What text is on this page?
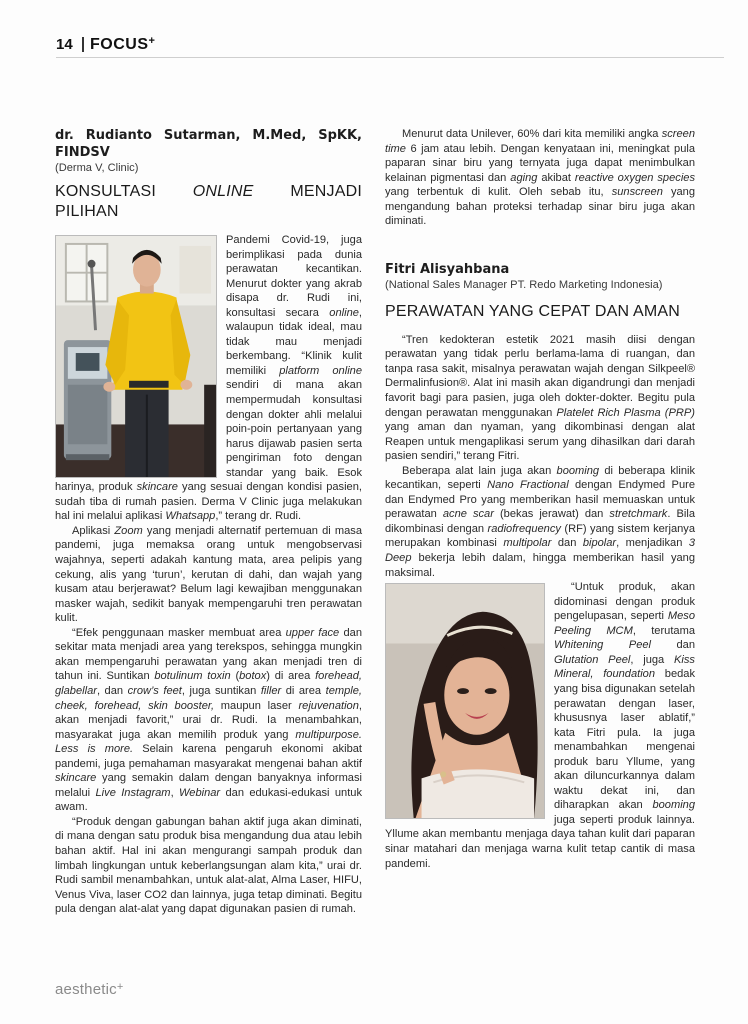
14 FOCUS+
dr. Rudianto Sutarman, M.Med, SpKK, FINDSV
(Derma V, Clinic)
KONSULTASI ONLINE MENJADI PILIHAN

Pandemi Covid-19, juga berimplikasi pada dunia perawatan kecantikan. Menurut dokter yang akrab disapa dr. Rudi ini, konsultasi secara online, walaupun tidak ideal, mau tidak mau menjadi berkembang. “Klinik kulit memiliki platform online sendiri di mana akan mempermudah konsultasi dengan dokter ahli melalui poin-poin pertanyaan yang harus dijawab pasien serta pengiriman foto dengan standar yang baik. Esok harinya, produk skincare yang sesuai dengan kondisi pasien, sudah tiba di rumah pasien. Derma V Clinic juga melakukan hal ini melalui aplikasi Whatsapp,” terang dr. Rudi.

Aplikasi Zoom yang menjadi alternatif pertemuan di masa pandemi, juga memaksa orang untuk mengobservasi wajahnya, seperti adakah kantung mata, area pelipis yang cekung, alis yang ‘turun’, kerutan di dahi, dan wajah yang kusam atau berjerawat? Belum lagi kewajiban menggunakan masker wajah, sedikit banyak mempengaruhi tren perawatan kulit.

“Efek penggunaan masker membuat area upper face dan sekitar mata menjadi area yang terekspos, sehingga mungkin akan mempengaruhi perawatan yang akan menjadi tren di tahun ini. Suntikan botulinum toxin (botox) di area forehead, glabellar, dan crow’s feet, juga suntikan filler di area temple, cheek, forehead, skin booster, maupun laser rejuvenation, akan menjadi favorit,” urai dr. Rudi. Ia menambahkan, masyarakat juga akan memilih produk yang multipurpose. Less is more. Selain karena pengaruh ekonomi akibat pandemi, juga pemahaman masyarakat mengenai bahan aktif skincare yang semakin dalam dengan banyaknya informasi melalui Live Instagram, Webinar dan edukasi-edukasi untuk awam.

“Produk dengan gabungan bahan aktif juga akan diminati, di mana dengan satu produk bisa mengandung dua atau lebih bahan aktif. Hal ini akan mengurangi sampah produk dan limbah lingkungan untuk keberlangsungan alam kita,” urai dr. Rudi sambil menambahkan, untuk alat-alat, Alma Laser, HIFU, Venus Viva, laser CO2 dan lainnya, juga tetap diminati. Begitu pula dengan alat-alat yang dapat digunakan pasien di rumah.

Menurut data Unilever, 60% dari kita memiliki angka screen time 6 jam atau lebih. Dengan kenyataan ini, meningkat pula paparan sinar biru yang ternyata juga dapat menimbulkan kelainan pigmentasi dan aging akibat reactive oxygen species yang terbentuk di kulit. Oleh sebab itu, sunscreen yang mengandung bahan proteksi terhadap sinar biru juga akan diminati.

Fitri Alisyahbana
(National Sales Manager PT. Redo Marketing Indonesia)
PERAWATAN YANG CEPAT DAN AMAN

“Tren kedokteran estetik 2021 masih diisi dengan perawatan yang tidak perlu berlama-lama di ruangan, dan tanpa rasa sakit, misalnya perawatan wajah dengan Silkpeel® Dermalinfusion®. Alat ini masih akan digandrungi dan menjadi favorit bagi para pasien, juga oleh dokter-dokter. Begitu pula dengan perawatan menggunakan Platelet Rich Plasma (PRP) yang aman dan nyaman, yang dikombinasi dengan alat Reapen untuk mengaplikasi serum yang dihasilkan dari darah pasien sendiri,” terang Fitri.

Beberapa alat lain juga akan booming di beberapa klinik kecantikan, seperti Nano Fractional dengan Endymed Pure dan Endymed Pro yang memberikan hasil memuaskan untuk perawatan acne scar (bekas jerawat) dan stretchmark. Bila dikombinasi dengan radiofrequency (RF) yang sistem kerjanya merupakan kombinasi multipolar dan bipolar, menjadikan 3 Deep bekerja lebih dalam, hingga memberikan hasil yang maksimal.

“Untuk produk, akan didominasi dengan produk pengelupasan, seperti Meso Peeling MCM, terutama Whitening Peel dan Glutation Peel, juga Kiss Mineral, foundation bedak yang bisa digunakan setelah perawatan dengan laser, khususnya laser ablatif,” kata Fitri pula. Ia juga menambahkan mengenai produk baru Yllume, yang akan diluncurkannya dalam waktu dekat ini, dan diharapkan akan booming juga seperti produk lainnya. Yllume akan membantu menjaga daya tahan kulit dari paparan sinar matahari dan menjaga warna kulit tetap cantik di masa pandemi.

aesthetic+
